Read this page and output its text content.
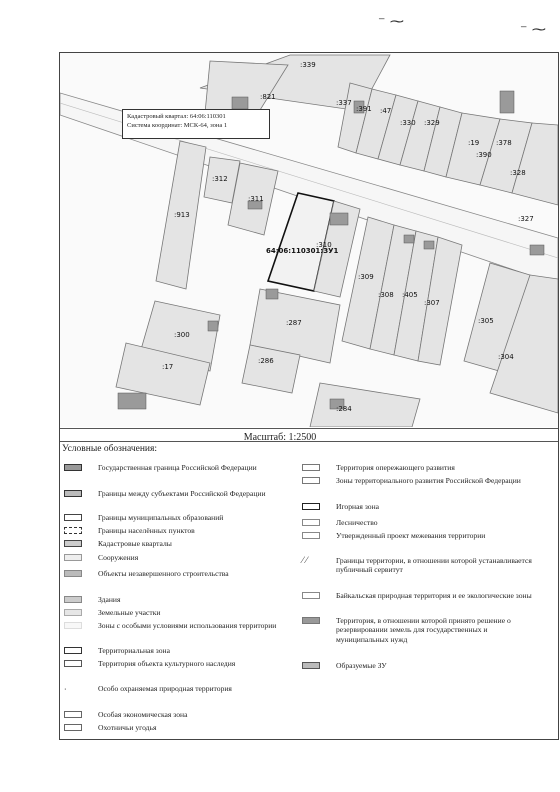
⁻ ⁓	⁻ ⁓
:339
:821
:337
:391 :47
:330 :329
:19 :378
:390
:328
:312
:311
:913	:327
:310
64:06:110301:ЗУ1
:309
:308 :405
:307
:305
:300
:287
:17
:286	:304
:284
Кадастровый квартал: 64:06:110301
Система координат: МСК-64, зона 1
Масштаб: 1:2500
Условные обозначения:
Государственная граница Российской Федерации
Границы между субъектами Российской Федерации
Границы муниципальных образований
Границы населённых пунктов
Кадастровые кварталы
Сооружения
Объекты незавершенного строительства
Здания
Земельные участки
Зоны с особыми условиями использования территории
Территориальная зона
Территория объекта культурного наследия
‧	Особо охраняемая природная территория
Особая экономическая зона
Охотничьи угодья
Территория опережающего развития
Зоны территориального развития Российской Федерации
Игорная зона
Лесничество
Утвержденный проект межевания территории
⁄ ⁄	Границы территории, в отношении которой устанавливается публичный сервитут
Байкальская природная территория и ее экологические зоны
Территория, в отношении которой принято решение о резервировании земель для государственных и муниципальных нужд
Образуемые ЗУ
